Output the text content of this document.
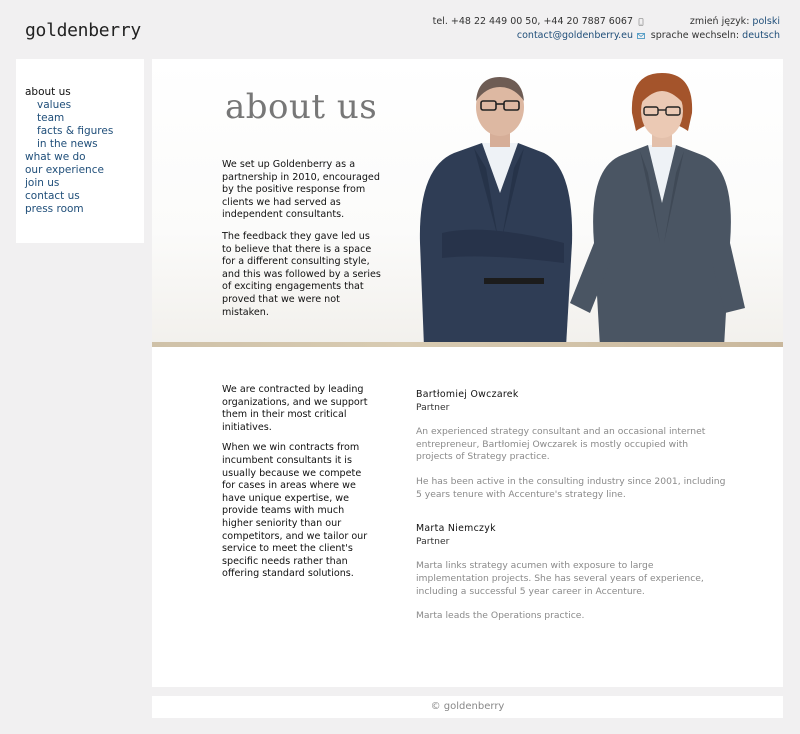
goldenberry	tel. +48 22 449 00 50, +44 20 7887 6067
contact@goldenberry.eu
zmień język: polski
sprache wechseln: deutsch
about us
values
team
facts & figures
in the news
what we do
our experience
join us
contact us
press room
about us

We set up Goldenberry as a partnership in 2010, encouraged by the positive response from clients we had served as independent consultants.

The feedback they gave led us to believe that there is a space for a different consulting style, and this was followed by a series of exciting engagements that proved that we were not mistaken.

We are contracted by leading organizations, and we support them in their most critical initiatives.

When we win contracts from incumbent consultants it is usually because we compete for cases in areas where we have unique expertise, we provide teams with much higher seniority than our competitors, and we tailor our service to meet the client's specific needs rather than offering standard solutions.

Bartłomiej Owczarek
Partner
An experienced strategy consultant and an occasional internet entrepreneur, Bartłomiej Owczarek is mostly occupied with projects of Strategy practice.
He has been active in the consulting industry since 2001, including 5 years tenure with Accenture's strategy line.
Marta Niemczyk
Partner
Marta links strategy acumen with exposure to large implementation projects. She has several years of experience, including a successful 5 year career in Accenture.
Marta leads the Operations practice.
© goldenberry
